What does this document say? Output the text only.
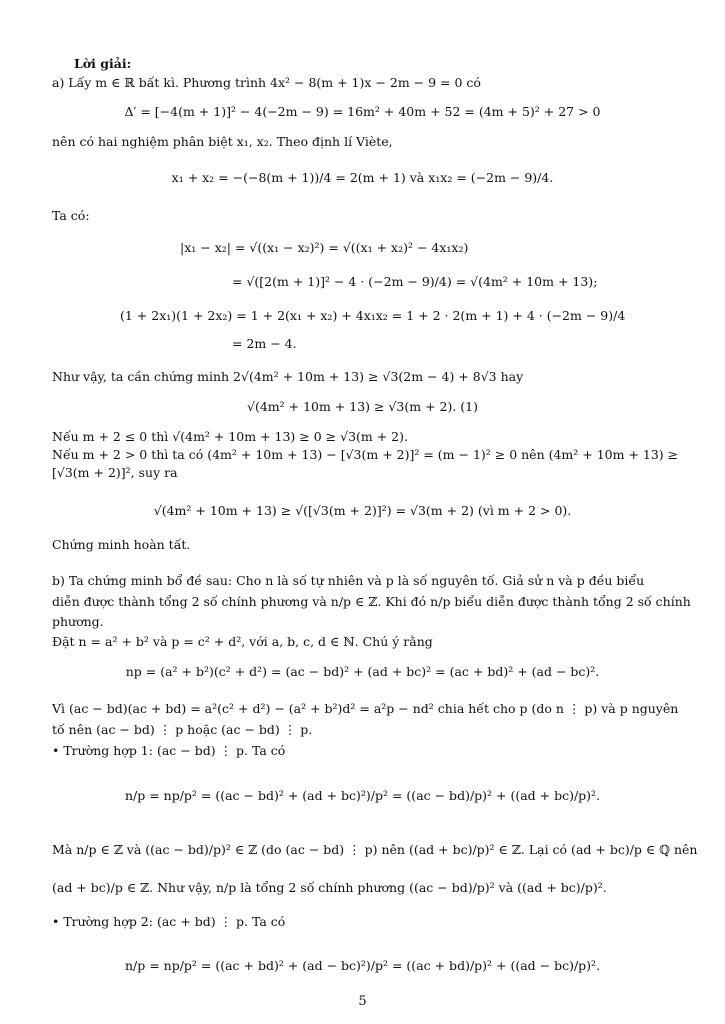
Lời giải:
a) Lấy m ∈ ℝ bất kì. Phương trình 4x² − 8(m + 1)x − 2m − 9 = 0 có
Δ′ = [−4(m + 1)]² − 4(−2m − 9) = 16m² + 40m + 52 = (4m + 5)² + 27 > 0
nên có hai nghiệm phân biệt x₁, x₂. Theo định lí Viète,
x₁ + x₂ = −(−8(m + 1))/4 = 2(m + 1) và x₁x₂ = (−2m − 9)/4.
Ta có:
|x₁ − x₂| = √((x₁ − x₂)²) = √((x₁ + x₂)² − 4x₁x₂)
= √([2(m + 1)]² − 4 · (−2m − 9)/4) = √(4m² + 10m + 13);
(1 + 2x₁)(1 + 2x₂) = 1 + 2(x₁ + x₂) + 4x₁x₂ = 1 + 2 · 2(m + 1) + 4 · (−2m − 9)/4
= 2m − 4.
Như vậy, ta cần chứng minh 2√(4m² + 10m + 13) ≥ √3(2m − 4) + 8√3 hay
√(4m² + 10m + 13) ≥ √3(m + 2). (1)
Nếu m + 2 ≤ 0 thì √(4m² + 10m + 13) ≥ 0 ≥ √3(m + 2).
Nếu m + 2 > 0 thì ta có (4m² + 10m + 13) − [√3(m + 2)]² = (m − 1)² ≥ 0 nên (4m² + 10m + 13) ≥
[√3(m + 2)]², suy ra
√(4m² + 10m + 13) ≥ √([√3(m + 2)]²) = √3(m + 2) (vì m + 2 > 0).
Chứng minh hoàn tất.
b) Ta chứng minh bổ đề sau: Cho n là số tự nhiên và p là số nguyên tố. Giả sử n và p đều biểu
diễn được thành tổng 2 số chính phương và n/p ∈ ℤ. Khi đó n/p biểu diễn được thành tổng 2 số chính
phương.
Đặt n = a² + b² và p = c² + d², với a, b, c, d ∈ ℕ. Chú ý rằng
np = (a² + b²)(c² + d²) = (ac − bd)² + (ad + bc)² = (ac + bd)² + (ad − bc)².
Vì (ac − bd)(ac + bd) = a²(c² + d²) − (a² + b²)d² = a²p − nd² chia hết cho p (do n ⋮ p) và p nguyên
tố nên (ac − bd) ⋮ p hoặc (ac − bd) ⋮ p.
• Trường hợp 1: (ac − bd) ⋮ p. Ta có
n/p = np/p² = ((ac − bd)² + (ad + bc)²)/p² = ((ac − bd)/p)² + ((ad + bc)/p)².
Mà n/p ∈ ℤ và ((ac − bd)/p)² ∈ ℤ (do (ac − bd) ⋮ p) nên ((ad + bc)/p)² ∈ ℤ. Lại có (ad + bc)/p ∈ ℚ nên
(ad + bc)/p ∈ ℤ. Như vậy, n/p là tổng 2 số chính phương ((ac − bd)/p)² và ((ad + bc)/p)².
• Trường hợp 2: (ac + bd) ⋮ p. Ta có
n/p = np/p² = ((ac + bd)² + (ad − bc)²)/p² = ((ac + bd)/p)² + ((ad − bc)/p)².
5
